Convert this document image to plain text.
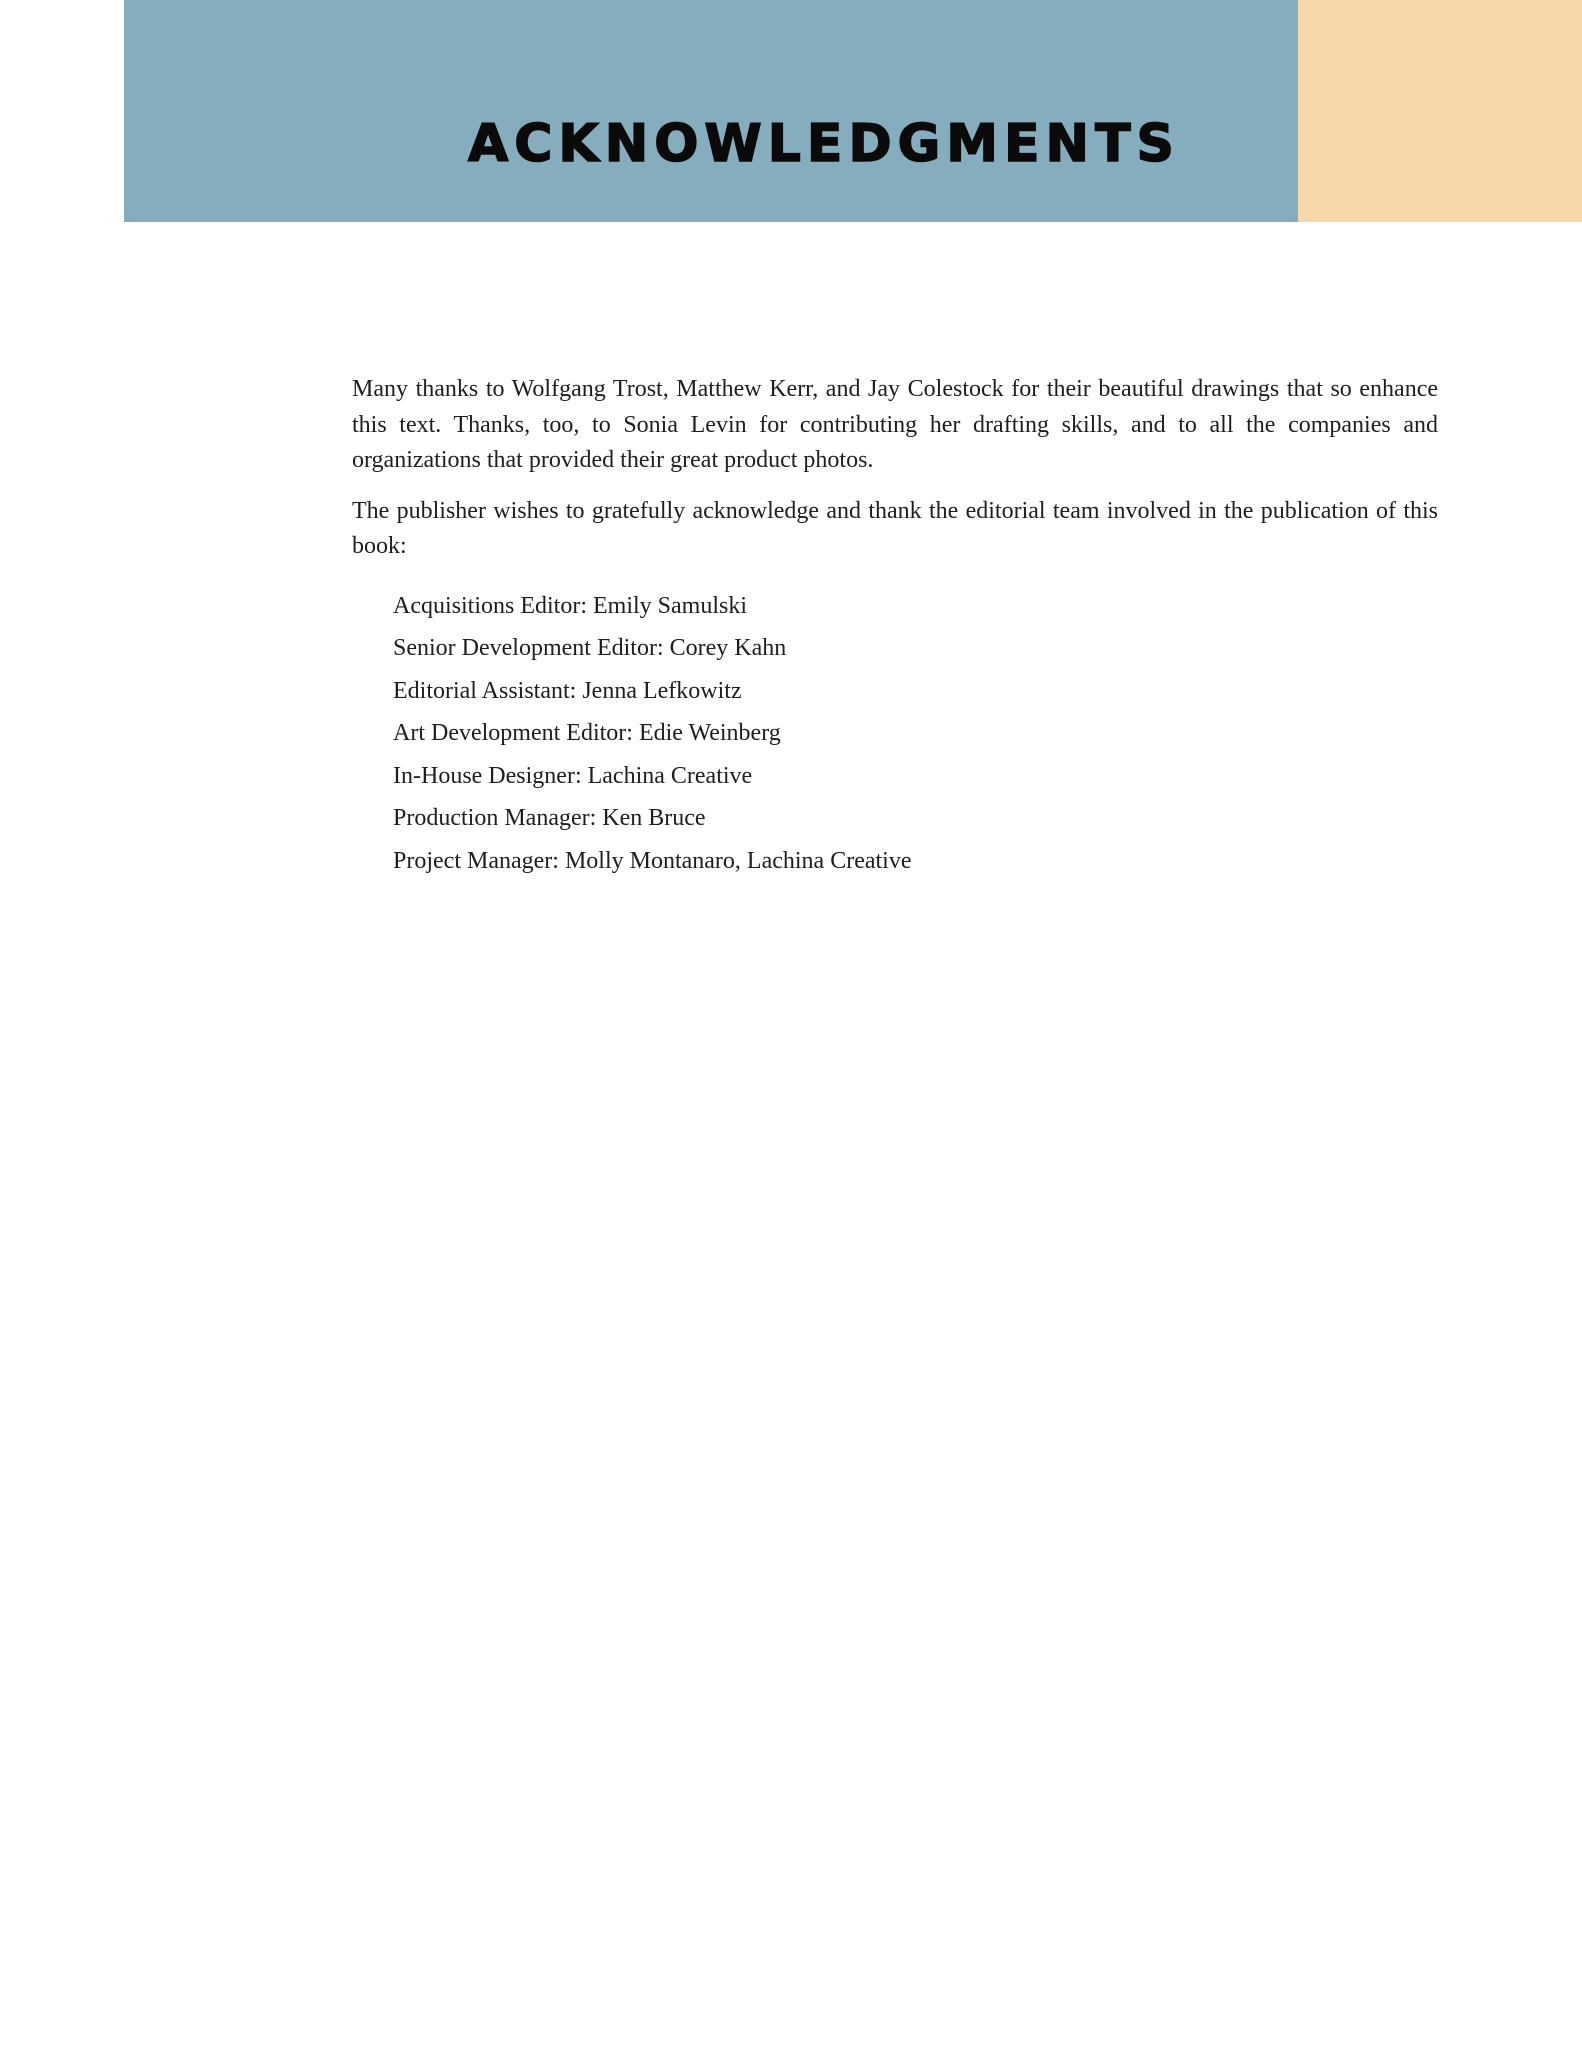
ACKNOWLEDGMENTS

Many thanks to Wolfgang Trost, Matthew Kerr, and Jay Colestock for their beautiful drawings that so enhance this text. Thanks, too, to Sonia Levin for contributing her drafting skills, and to all the companies and organizations that provided their great product photos.

The publisher wishes to gratefully acknowledge and thank the editorial team involved in the publication of this book:

Acquisitions Editor: Emily Samulski
Senior Development Editor: Corey Kahn
Editorial Assistant: Jenna Lefkowitz
Art Development Editor: Edie Weinberg
In-House Designer: Lachina Creative
Production Manager: Ken Bruce
Project Manager: Molly Montanaro, Lachina Creative
